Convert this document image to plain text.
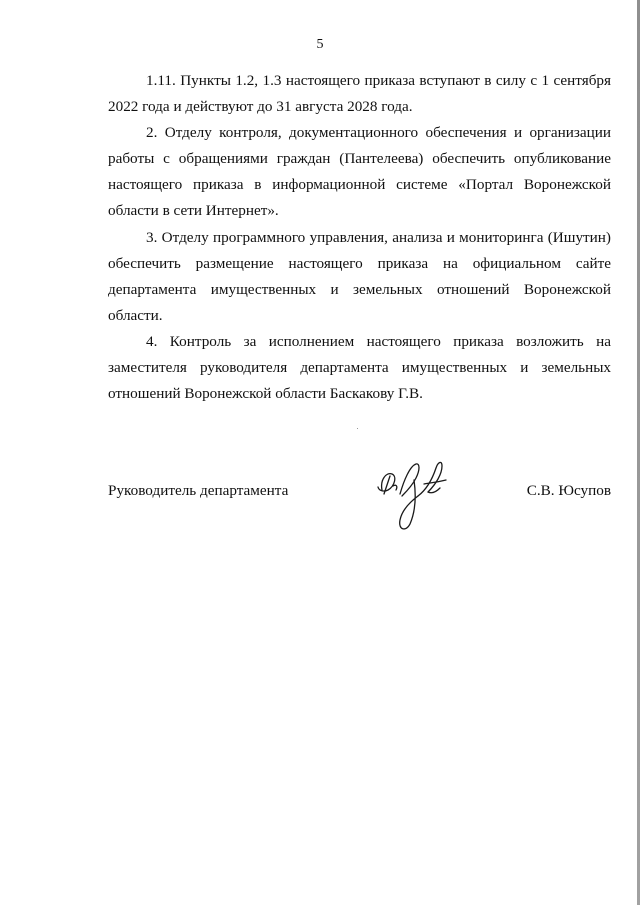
5

1.11. Пункты 1.2, 1.3 настоящего приказа вступают в силу с 1 сентября 2022 года и действуют до 31 августа 2028 года.

2. Отделу контроля, документационного обеспечения и организации работы с обращениями граждан (Пантелеева) обеспечить опубликование настоящего приказа в информационной системе «Портал Воронежской области в сети Интернет».

3. Отделу программного управления, анализа и мониторинга (Ишутин) обеспечить размещение настоящего приказа на официальном сайте департамента имущественных и земельных отношений Воронежской области.

4. Контроль за исполнением настоящего приказа возложить на заместителя руководителя департамента имущественных и земельных отношений Воронежской области Баскакову Г.В.

Руководитель департамента	С.В. Юсупов
